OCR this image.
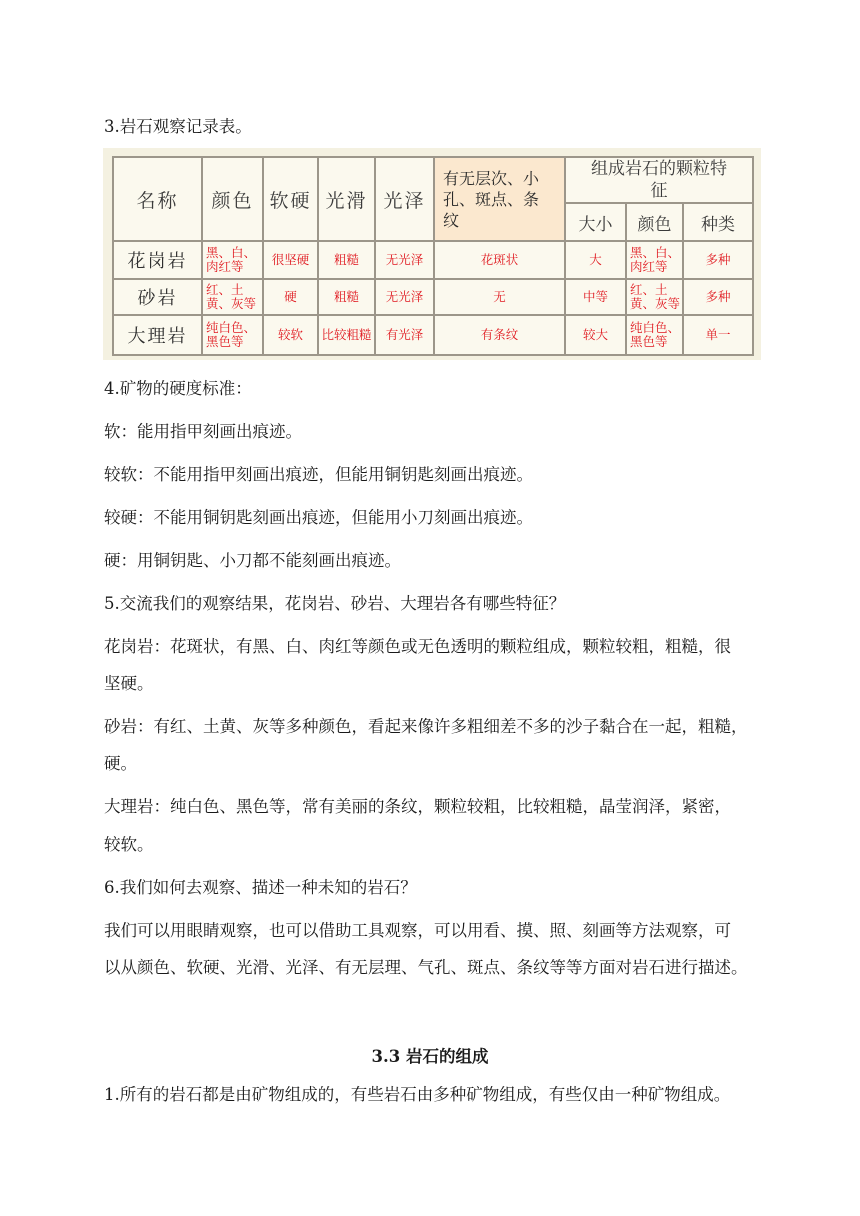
3.岩石观察记录表。
名称	颜色	软硬	光滑	光泽	有无层次、小孔、斑点、条纹	组成岩石的颗粒特征		
						大小	颜色	种类
花岗岩	黑、白、肉红等	很坚硬	粗糙	无光泽	花斑状	大	黑、白、肉红等	多种
砂岩	红、土黄、灰等	硬	粗糙	无光泽	无	中等	红、土黄、灰等	多种
大理岩	纯白色、黑色等	较软	比较粗糙	有光泽	有条纹	较大	纯白色、黑色等	单一
4.矿物的硬度标准：
软：能用指甲刻画出痕迹。
较软：不能用指甲刻画出痕迹，但能用铜钥匙刻画出痕迹。
较硬：不能用铜钥匙刻画出痕迹，但能用小刀刻画出痕迹。
硬：用铜钥匙、小刀都不能刻画出痕迹。
5.交流我们的观察结果，花岗岩、砂岩、大理岩各有哪些特征？
花岗岩：花斑状，有黑、白、肉红等颜色或无色透明的颗粒组成，颗粒较粗，粗糙，很
坚硬。
砂岩：有红、土黄、灰等多种颜色，看起来像许多粗细差不多的沙子黏合在一起，粗糙，
硬。
大理岩：纯白色、黑色等，常有美丽的条纹，颗粒较粗，比较粗糙，晶莹润泽，紧密，
较软。
6.我们如何去观察、描述一种未知的岩石？
我们可以用眼睛观察，也可以借助工具观察，可以用看、摸、照、刻画等方法观察，可
以从颜色、软硬、光滑、光泽、有无层理、气孔、斑点、条纹等等方面对岩石进行描述。
3.3 岩石的组成
1.所有的岩石都是由矿物组成的，有些岩石由多种矿物组成，有些仅由一种矿物组成。
